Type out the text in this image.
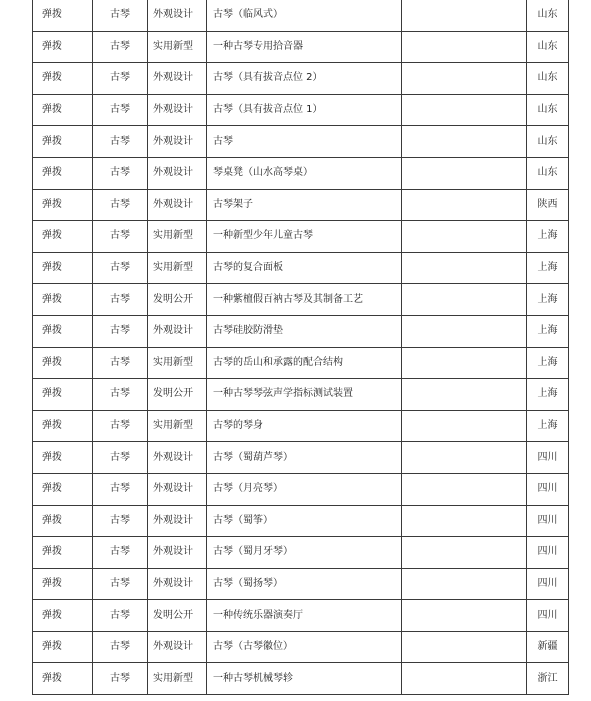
弹拨	古琴	外观设计	古琴（临风式）		山东
弹拨	古琴	实用新型	一种古琴专用拾音器		山东
弹拨	古琴	外观设计	古琴（具有拔音点位 2）		山东
弹拨	古琴	外观设计	古琴（具有拔音点位 1）		山东
弹拨	古琴	外观设计	古琴		山东
弹拨	古琴	外观设计	琴桌凳（山水高琴桌）		山东
弹拨	古琴	外观设计	古琴架子		陕西
弹拨	古琴	实用新型	一种新型少年儿童古琴		上海
弹拨	古琴	实用新型	古琴的复合面板		上海
弹拨	古琴	发明公开	一种紫檀假百衲古琴及其制备工艺		上海
弹拨	古琴	外观设计	古琴硅胶防滑垫		上海
弹拨	古琴	实用新型	古琴的岳山和承露的配合结构		上海
弹拨	古琴	发明公开	一种古琴琴弦声学指标测试装置		上海
弹拨	古琴	实用新型	古琴的琴身		上海
弹拨	古琴	外观设计	古琴（蜀葫芦琴）		四川
弹拨	古琴	外观设计	古琴（月亮琴）		四川
弹拨	古琴	外观设计	古琴（蜀筝）		四川
弹拨	古琴	外观设计	古琴（蜀月牙琴）		四川
弹拨	古琴	外观设计	古琴（蜀扬琴）		四川
弹拨	古琴	发明公开	一种传统乐器演奏厅		四川
弹拨	古琴	外观设计	古琴（古琴徽位）		新疆
弹拨	古琴	实用新型	一种古琴机械琴轸		浙江
